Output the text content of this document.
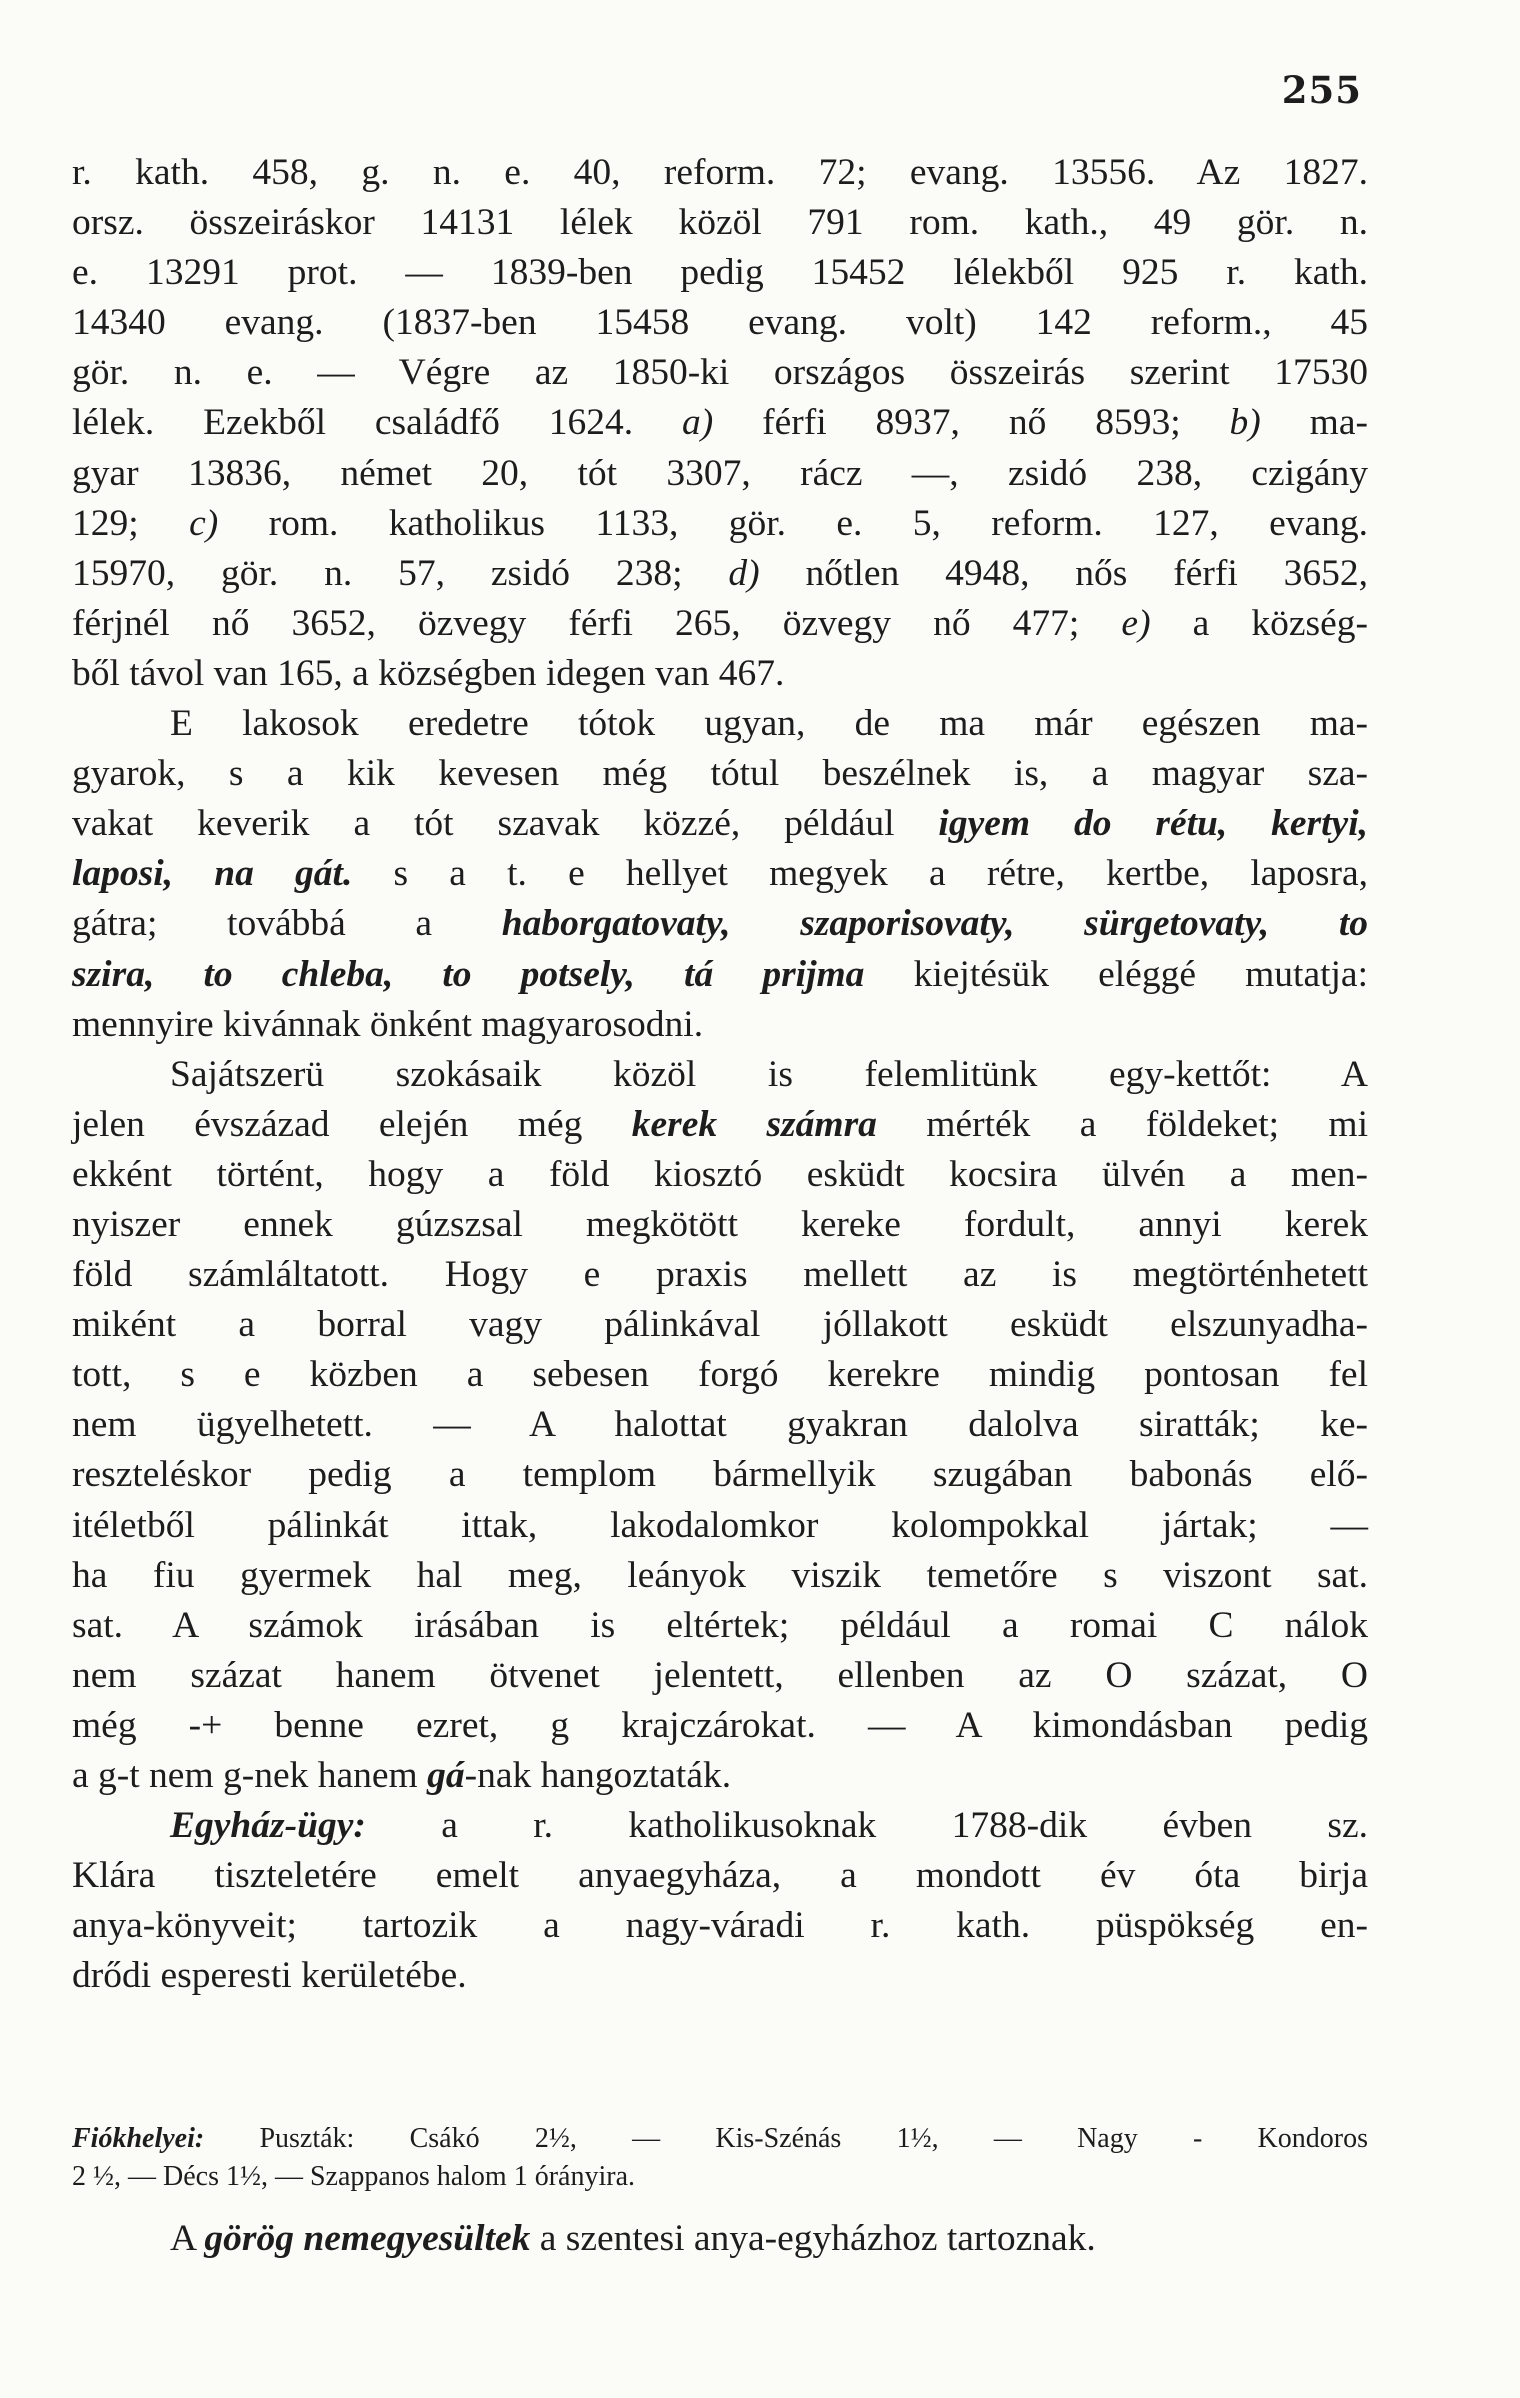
255
r. kath. 458, g. n. e. 40, reform. 72; evang. 13556. Az 1827.
orsz. összeiráskor 14131 lélek közöl 791 rom. kath., 49 gör. n.
e. 13291 prot. — 1839-ben pedig 15452 lélekből 925 r. kath.
14340 evang. (1837-ben 15458 evang. volt) 142 reform., 45
gör. n. e. — Végre az 1850-ki országos összeirás szerint 17530
lélek. Ezekből családfő 1624. a) férfi 8937, nő 8593; b) ma-
gyar 13836, német 20, tót 3307, rácz —, zsidó 238, czigány
129; c) rom. katholikus 1133, gör. e. 5, reform. 127, evang.
15970, gör. n. 57, zsidó 238; d) nőtlen 4948, nős férfi 3652,
férjnél nő 3652, özvegy férfi 265, özvegy nő 477; e) a község-
ből távol van 165, a községben idegen van 467.
E lakosok eredetre tótok ugyan, de ma már egészen ma-
gyarok, s a kik kevesen még tótul beszélnek is, a magyar sza-
vakat keverik a tót szavak közzé, például igyem do rétu, kertyi,
laposi, na gát. s a t. e hellyet megyek a rétre, kertbe, laposra,
gátra; továbbá a haborgatovaty, szaporisovaty, sürgetovaty, to
szira, to chleba, to potsely, tá prijma kiejtésük eléggé mutatja:
mennyire kivánnak önként magyarosodni.
Sajátszerü szokásaik közöl is felemlitünk egy-kettőt: A
jelen évszázad elején még kerek számra mérték a földeket; mi
ekként történt, hogy a föld kiosztó esküdt kocsira ülvén a men-
nyiszer ennek gúzszsal megkötött kereke fordult, annyi kerek
föld számláltatott. Hogy e praxis mellett az is megtörténhetett
miként a borral vagy pálinkával jóllakott esküdt elszunyadha-
tott, s e közben a sebesen forgó kerekre mindig pontosan fel
nem ügyelhetett. — A halottat gyakran dalolva siratták; ke-
reszteléskor pedig a templom bármellyik szugában babonás elő-
itéletből pálinkát ittak, lakodalomkor kolompokkal jártak; —
ha fiu gyermek hal meg, leányok viszik temetőre s viszont sat.
sat. A számok irásában is eltértek; például a romai C nálok
nem százat hanem ötvenet jelentett, ellenben az O százat, O
még -+ benne ezret, g krajczárokat. — A kimondásban pedig
a g-t nem g-nek hanem gá-nak hangoztaták.
Egyház-ügy: a r. katholikusoknak 1788-dik évben sz.
Klára tiszteletére emelt anyaegyháza, a mondott év óta birja
anya-könyveit; tartozik a nagy-váradi r. kath. püspökség en-
drődi esperesti kerületébe.
Fiókhelyei: Puszták: Csákó 2½, — Kis-Szénás 1½, — Nagy - Kondoros
2 ½, — Décs 1½, — Szappanos halom 1 órányira.
A görög nemegyesültek a szentesi anya-egyházhoz tartoznak.
